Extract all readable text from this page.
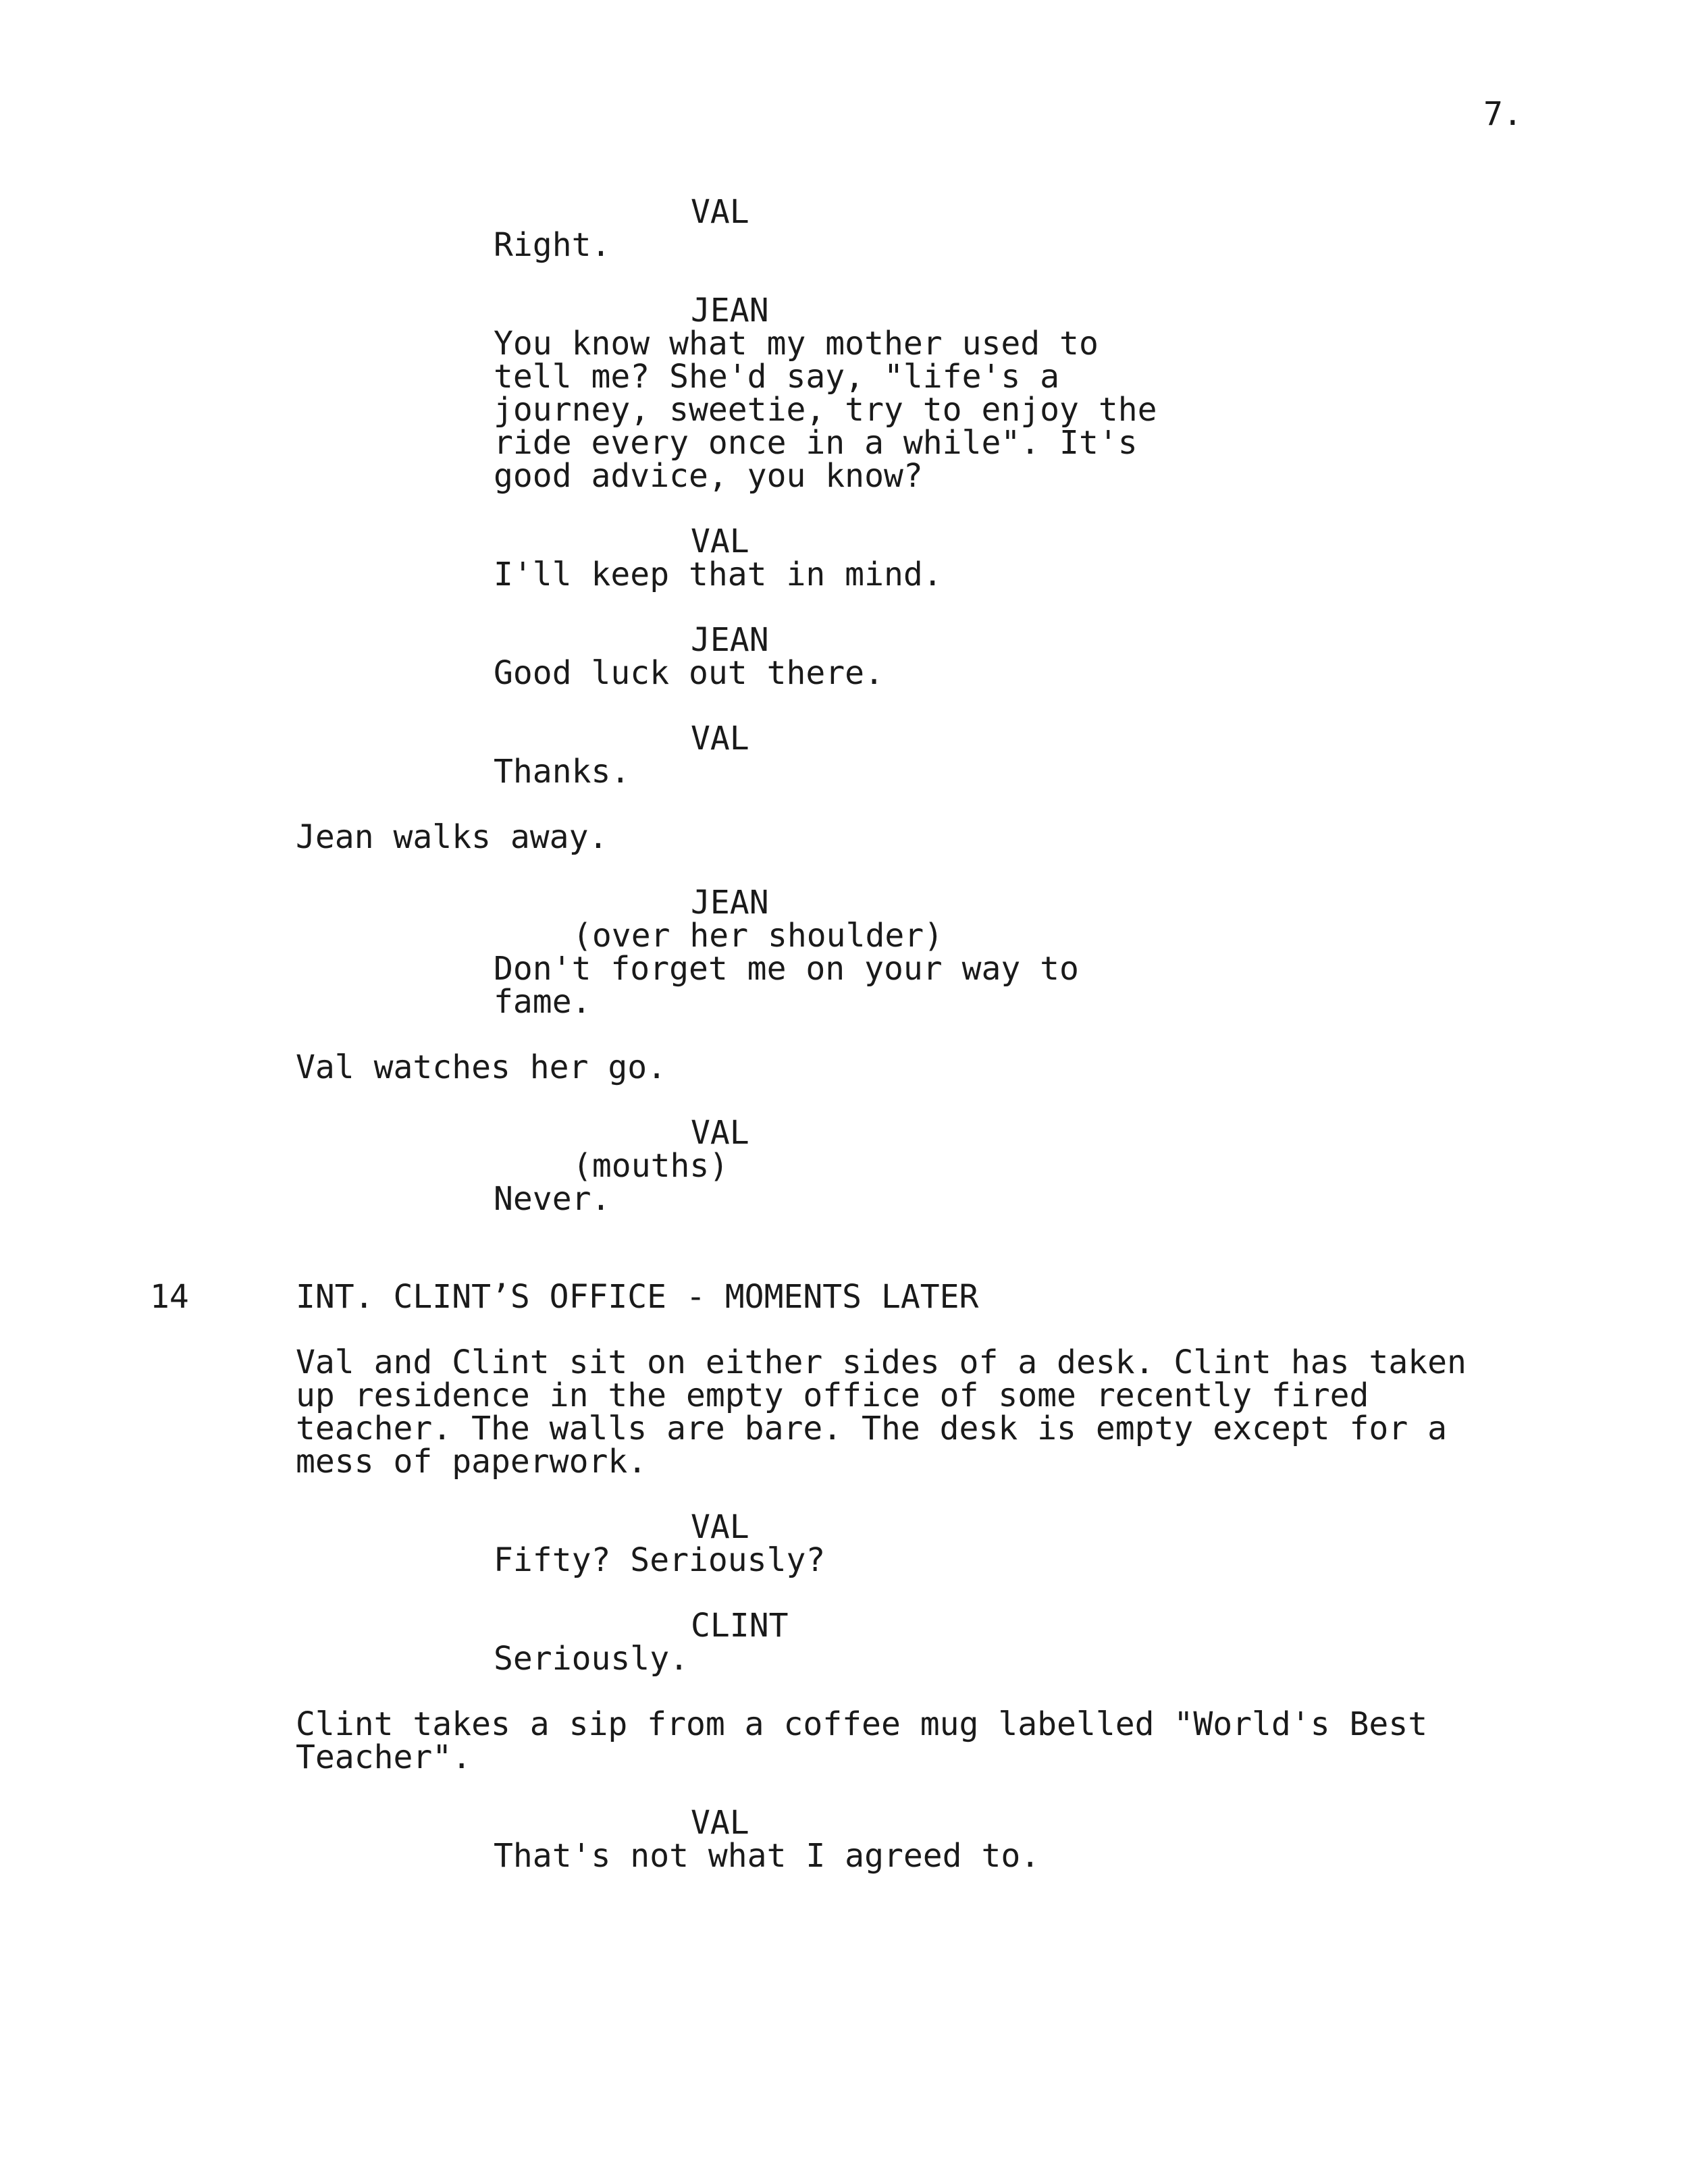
7.
VAL
Right.
JEAN
You know what my mother used to
tell me? She'd say, "life's a
journey, sweetie, try to enjoy the
ride every once in a while". It's
good advice, you know?
VAL
I'll keep that in mind.
JEAN
Good luck out there.
VAL
Thanks.
Jean walks away.
JEAN
(over her shoulder)
Don't forget me on your way to
fame.
Val watches her go.
VAL
(mouths)
Never.
14	INT. CLINT’S OFFICE - MOMENTS LATER
Val and Clint sit on either sides of a desk. Clint has taken
up residence in the empty office of some recently fired
teacher. The walls are bare. The desk is empty except for a
mess of paperwork.
VAL
Fifty? Seriously?
CLINT
Seriously.
Clint takes a sip from a coffee mug labelled "World's Best
Teacher".
VAL
That's not what I agreed to.
